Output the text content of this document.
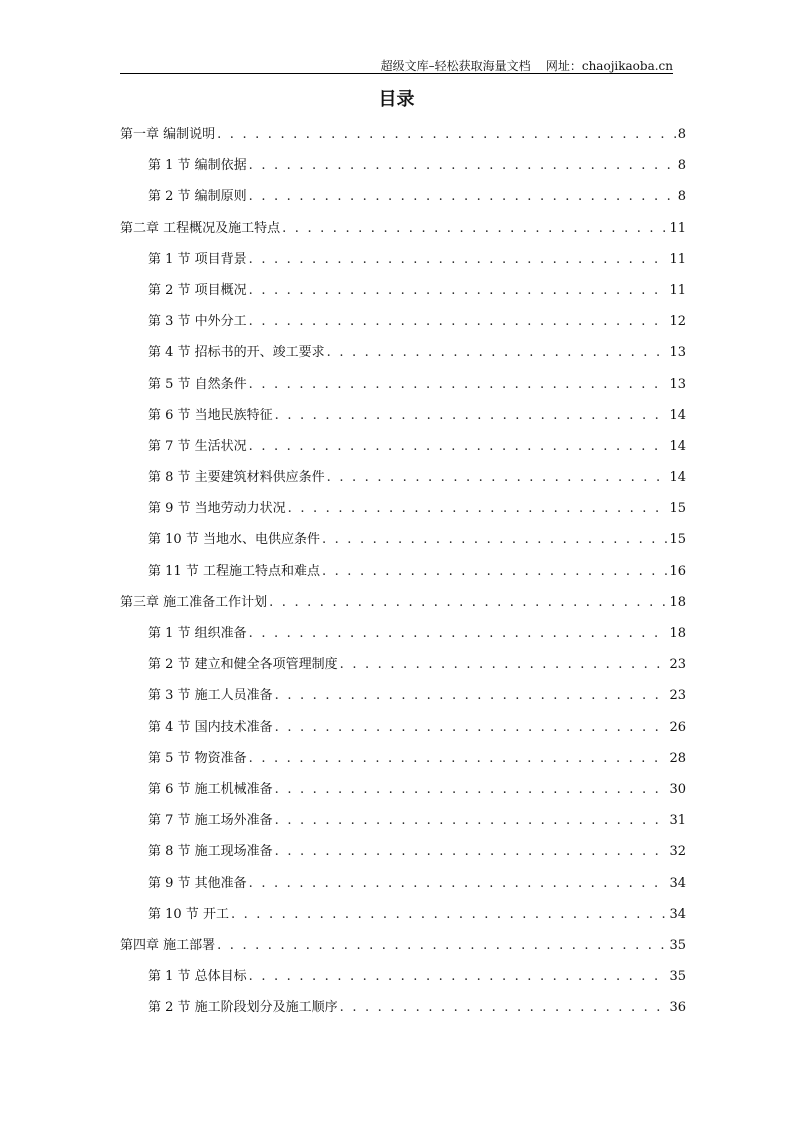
超级文库–轻松获取海量文档 网址：chaojikaoba.cn
目录
第一章 编制说明 . . .	8
第 1 节 编制依据 . . .	8
第 2 节 编制原则 . . .	8
第二章 工程概况及施工特点 . . .	11
第 1 节 项目背景 . . .	11
第 2 节 项目概况 . . .	11
第 3 节 中外分工 . . .	12
第 4 节 招标书的开、竣工要求 . . .	13
第 5 节 自然条件 . . .	13
第 6 节 当地民族特征 . . .	14
第 7 节 生活状况 . . .	14
第 8 节 主要建筑材料供应条件 . . .	14
第 9 节 当地劳动力状况 . . .	15
第 10 节 当地水、电供应条件 . . .	15
第 11 节 工程施工特点和难点 . . .	16
第三章 施工准备工作计划 . . .	18
第 1 节 组织准备 . . .	18
第 2 节 建立和健全各项管理制度 . . .	23
第 3 节 施工人员准备 . . .	23
第 4 节 国内技术准备 . . .	26
第 5 节 物资准备 . . .	28
第 6 节 施工机械准备 . . .	30
第 7 节 施工场外准备 . . .	31
第 8 节 施工现场准备 . . .	32
第 9 节 其他准备 . . .	34
第 10 节 开工 . . .	34
第四章 施工部署 . . .	35
第 1 节 总体目标 . . .	35
第 2 节 施工阶段划分及施工顺序 . . .	36
